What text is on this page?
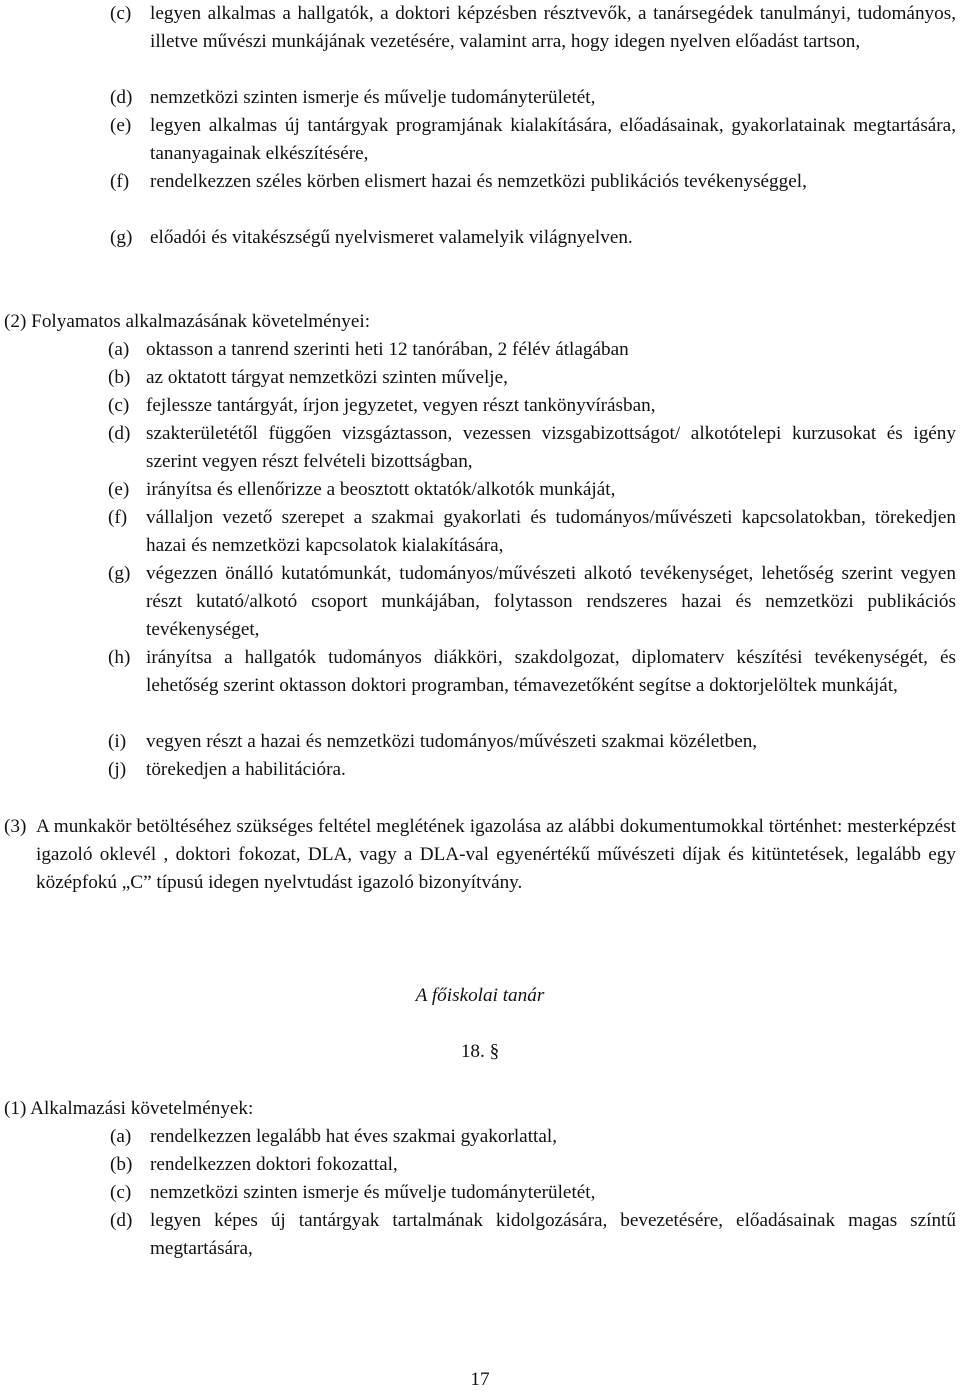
(c) legyen alkalmas a hallgatók, a doktori képzésben résztvevők, a tanársegédek tanulmányi, tudományos, illetve művészi munkájának vezetésére, valamint arra, hogy idegen nyelven előadást tartson,
(d) nemzetközi szinten ismerje és művelje tudományterületét,
(e) legyen alkalmas új tantárgyak programjának kialakítására, előadásainak, gyakorlatainak megtartására, tananyagainak elkészítésére,
(f)	rendelkezzen széles körben elismert hazai és nemzetközi publikációs tevékenységgel,
(g) előadói és vitakészségű nyelvismeret valamelyik világnyelven.
(2) Folyamatos alkalmazásának követelményei:
(a) oktasson a tanrend szerinti heti 12 tanórában, 2 félév átlagában
(b) az oktatott tárgyat nemzetközi szinten művelje,
(c) fejlessze tantárgyát, írjon jegyzetet, vegyen részt tankönyvírásban,
(d) szakterületétől függően vizsgáztasson, vezessen vizsgabizottságot/ alkotótelepi kurzusokat és igény szerint vegyen részt felvételi bizottságban,
(e) irányítsa és ellenőrizze a beosztott oktatók/alkotók munkáját,
(f) vállaljon vezető szerepet a szakmai gyakorlati és tudományos/művészeti kapcsolatokban, törekedjen hazai és nemzetközi kapcsolatok kialakítására,
(g) végezzen önálló kutatómunkát, tudományos/művészeti alkotó tevékenységet, lehetőség szerint vegyen részt kutató/alkotó csoport munkájában, folytasson rendszeres hazai és nemzetközi publikációs tevékenységet,
(h) irányítsa a hallgatók tudományos diákköri, szakdolgozat, diplomaterv készítési tevékenységét, és lehetőség szerint oktasson doktori programban, témavezetőként segítse a doktorjelöltek munkáját,
(i)	vegyen részt a hazai és nemzetközi tudományos/művészeti szakmai közéletben,
(j)	törekedjen a habilitációra.
(3) A munkakör betöltéséhez szükséges feltétel meglétének igazolása az alábbi dokumentumokkal történhet: mesterképzést igazoló oklevél , doktori fokozat, DLA, vagy a DLA-val egyenértékű művészeti díjak és kitüntetések, legalább egy középfokú „C” típusú idegen nyelvtudást igazoló bizonyítvány.
A főiskolai tanár
18. §
(1) Alkalmazási követelmények:
(a) rendelkezzen legalább hat éves szakmai gyakorlattal,
(b) rendelkezzen doktori fokozattal,
(c) nemzetközi szinten ismerje és művelje tudományterületét,
(d) legyen képes új tantárgyak tartalmának kidolgozására, bevezetésére, előadásainak magas színtű megtartására,
17
